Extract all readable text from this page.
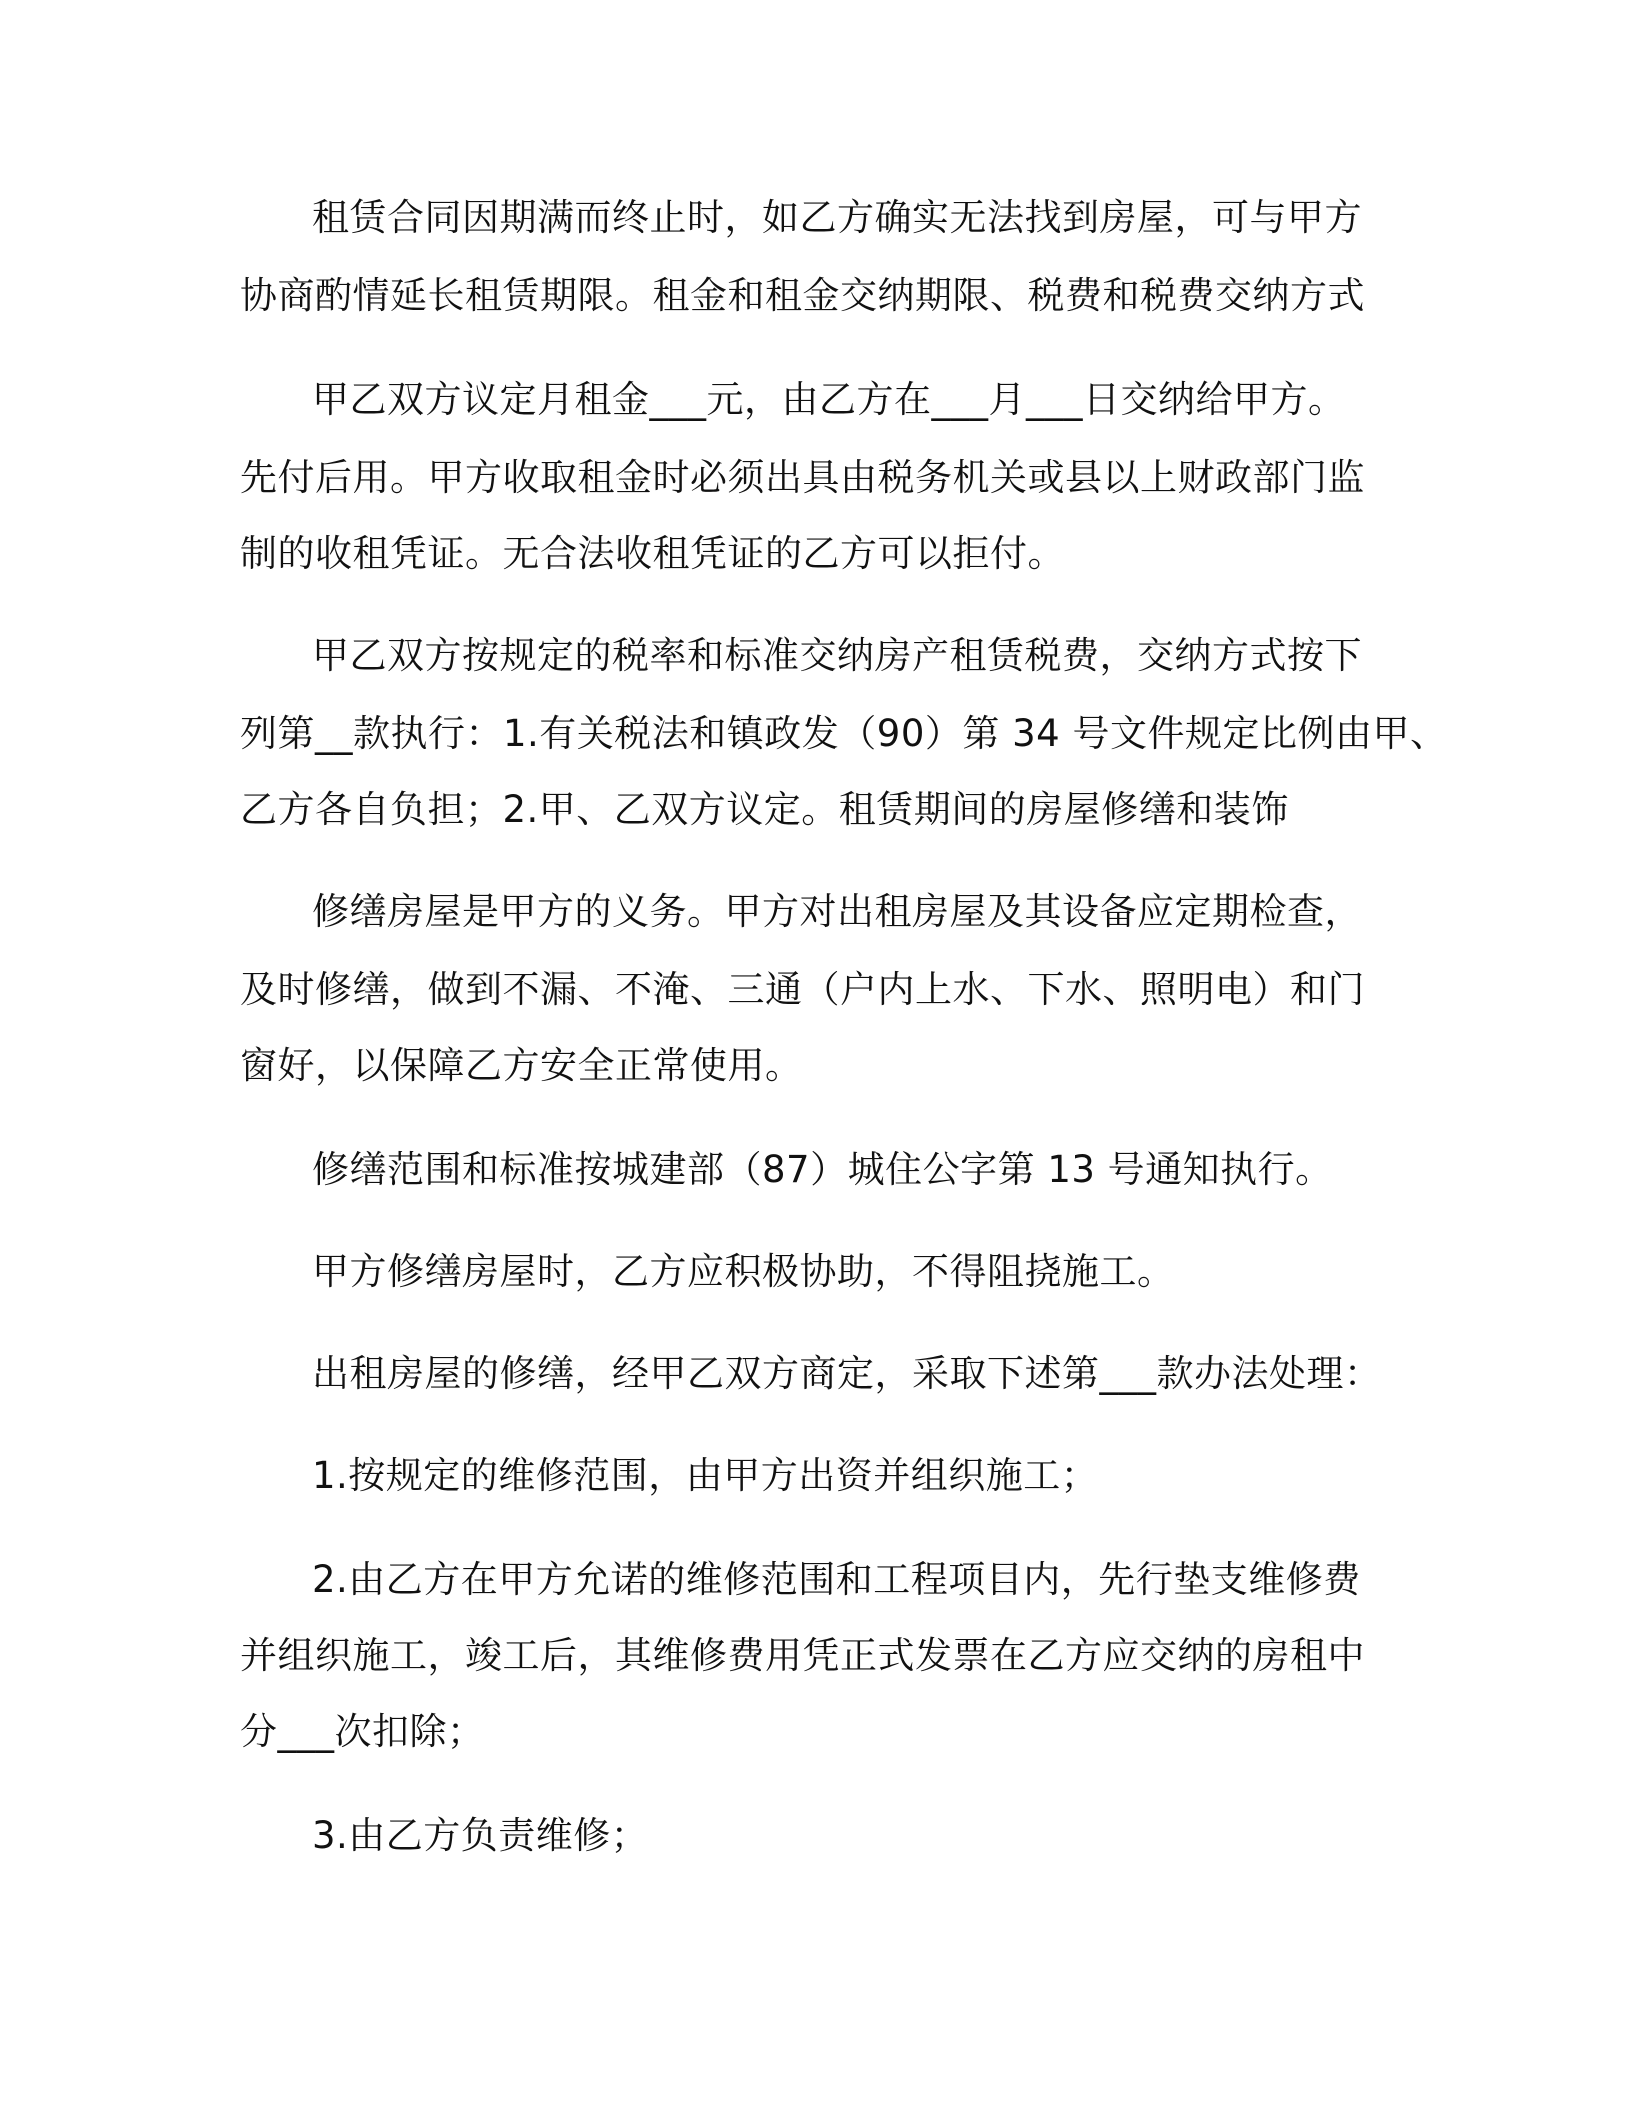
租赁合同因期满而终止时，如乙方确实无法找到房屋，可与甲方
协商酌情延长租赁期限。租金和租金交纳期限、税费和税费交纳方式
甲乙双方议定月租金___元，由乙方在___月___日交纳给甲方。
先付后用。甲方收取租金时必须出具由税务机关或县以上财政部门监
制的收租凭证。无合法收租凭证的乙方可以拒付。
甲乙双方按规定的税率和标准交纳房产租赁税费，交纳方式按下
列第__款执行：1.有关税法和镇政发（90）第 34 号文件规定比例由甲、
乙方各自负担；2.甲、乙双方议定。租赁期间的房屋修缮和装饰
修缮房屋是甲方的义务。甲方对出租房屋及其设备应定期检查，
及时修缮，做到不漏、不淹、三通（户内上水、下水、照明电）和门
窗好，以保障乙方安全正常使用。
修缮范围和标准按城建部（87）城住公字第 13 号通知执行。
甲方修缮房屋时，乙方应积极协助，不得阻挠施工。
出租房屋的修缮，经甲乙双方商定，采取下述第___款办法处理：
1.按规定的维修范围，由甲方出资并组织施工；
2.由乙方在甲方允诺的维修范围和工程项目内，先行垫支维修费
并组织施工，竣工后，其维修费用凭正式发票在乙方应交纳的房租中
分___次扣除；
3.由乙方负责维修；
